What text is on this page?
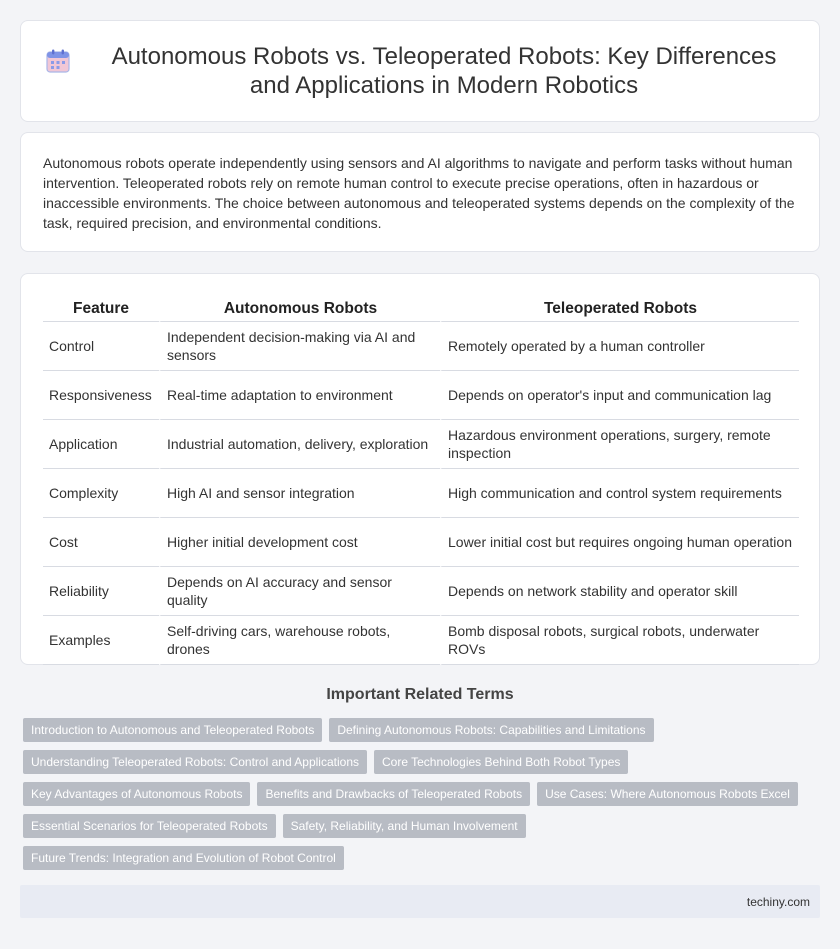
Autonomous Robots vs. Teleoperated Robots: Key Differences and Applications in Modern Robotics

Autonomous robots operate independently using sensors and AI algorithms to navigate and perform tasks without human intervention. Teleoperated robots rely on remote human control to execute precise operations, often in hazardous or inaccessible environments. The choice between autonomous and teleoperated systems depends on the complexity of the task, required precision, and environmental conditions.

Feature	Autonomous Robots	Teleoperated Robots
Control	Independent decision-making via AI and sensors	Remotely operated by a human controller
Responsiveness	Real-time adaptation to environment	Depends on operator's input and communication lag
Application	Industrial automation, delivery, exploration	Hazardous environment operations, surgery, remote inspection
Complexity	High AI and sensor integration	High communication and control system requirements
Cost	Higher initial development cost	Lower initial cost but requires ongoing human operation
Reliability	Depends on AI accuracy and sensor quality	Depends on network stability and operator skill
Examples	Self-driving cars, warehouse robots, drones	Bomb disposal robots, surgical robots, underwater ROVs
Important Related Terms
Introduction to Autonomous and Teleoperated Robots	Defining Autonomous Robots: Capabilities and Limitations
Understanding Teleoperated Robots: Control and Applications	Core Technologies Behind Both Robot Types
Key Advantages of Autonomous Robots	Benefits and Drawbacks of Teleoperated Robots	Use Cases: Where Autonomous Robots Excel
Essential Scenarios for Teleoperated Robots	Safety, Reliability, and Human Involvement
Future Trends: Integration and Evolution of Robot Control
techiny.com
